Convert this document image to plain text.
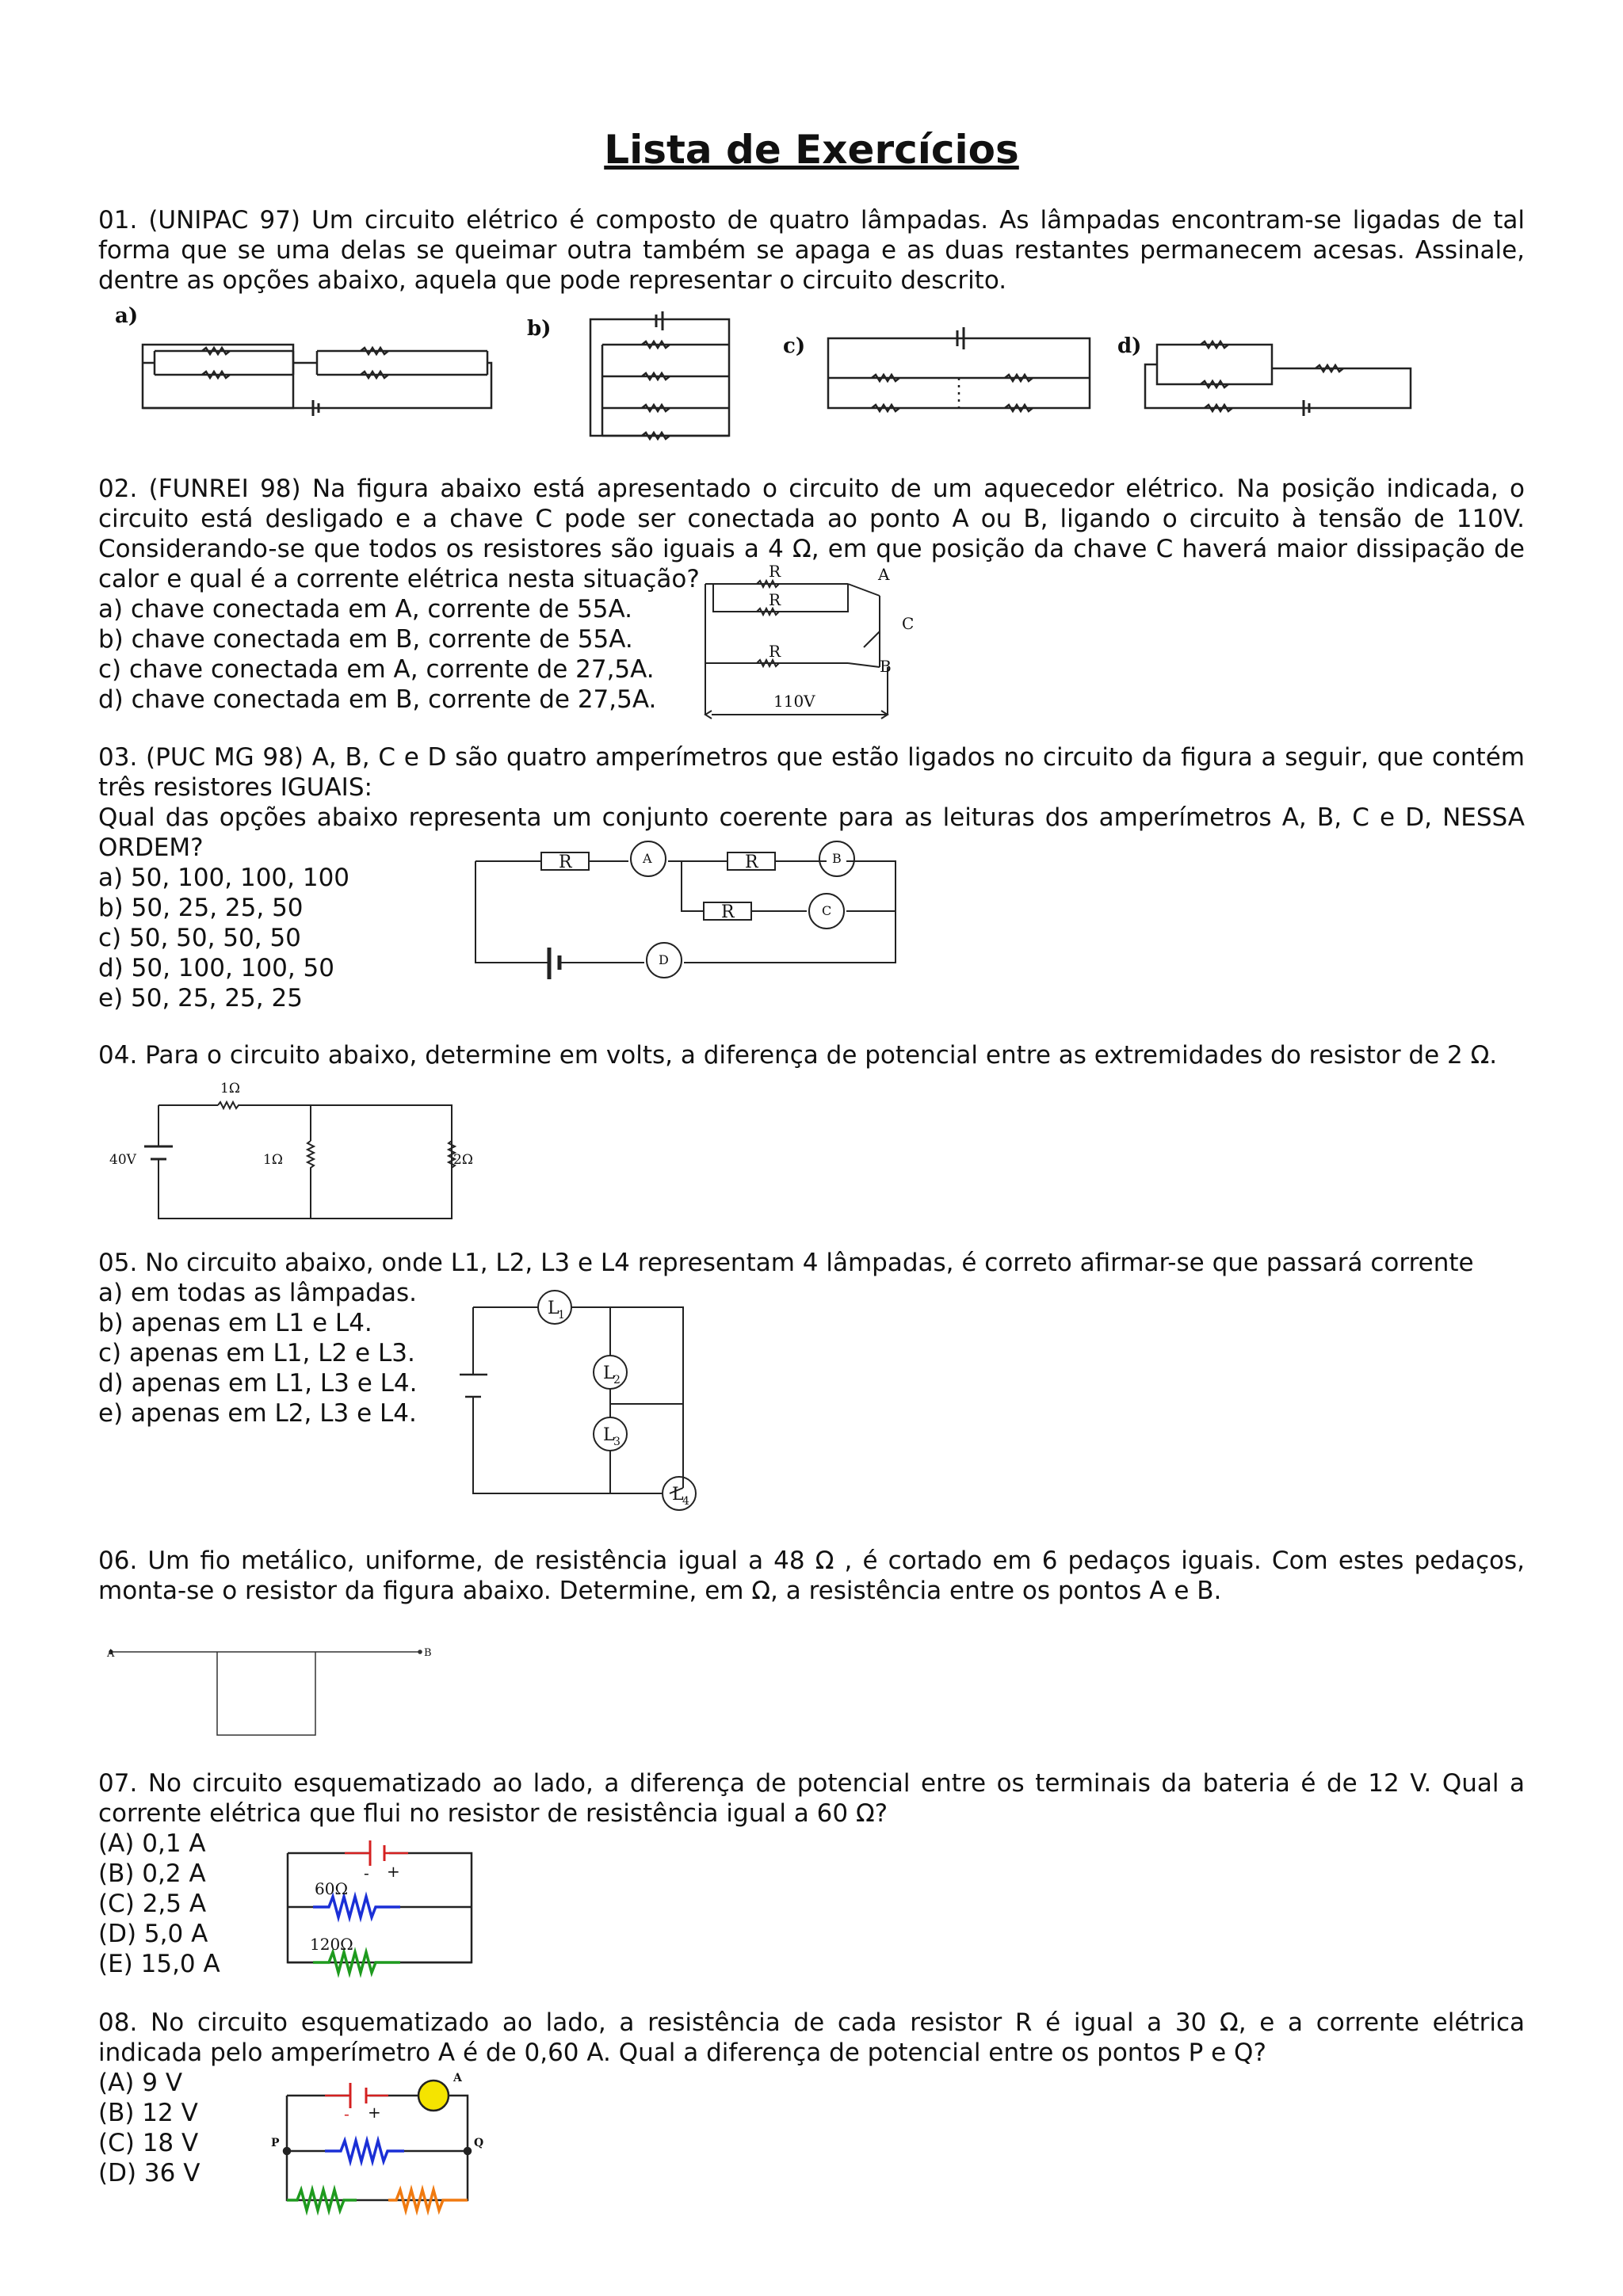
Lista de Exercícios
01. (UNIPAC 97) Um circuito elétrico é composto de quatro lâmpadas. As lâmpadas encontram-se ligadas de tal
forma que se uma delas se queimar outra também se apaga e as duas restantes permanecem acesas. Assinale,
dentre as opções abaixo, aquela que pode representar o circuito descrito.
a)
b)
c)	d)
02. (FUNREI 98) Na figura abaixo está apresentado o circuito de um aquecedor elétrico. Na posição indicada, o
circuito está desligado e a chave C pode ser conectada ao ponto A ou B, ligando o circuito à tensão de 110V.
Considerando-se que todos os resistores são iguais a 4 Ω, em que posição da chave C haverá maior dissipação de
calor e qual é a corrente elétrica nesta situação?
a) chave conectada em A, corrente de 55A.
b) chave conectada em B, corrente de 55A.
c) chave conectada em A, corrente de 27,5A.
d) chave conectada em B, corrente de 27,5A.
R
R
R
A
C
B
110V
03. (PUC MG 98) A, B, C e D são quatro amperímetros que estão ligados no circuito da figura a seguir, que contém
três resistores IGUAIS:
Qual das opções abaixo representa um conjunto coerente para as leituras dos amperímetros A, B, C e D, NESSA
ORDEM?
a) 50, 100, 100, 100
b) 50, 25, 25, 50
c) 50, 50, 50, 50
d) 50, 100, 100, 50
e) 50, 25, 25, 25
R	R
R
A	B
C
D
04. Para o circuito abaixo, determine em volts, a diferença de potencial entre as extremidades do resistor de 2 Ω.
1Ω
40V	1Ω	2Ω
05. No circuito abaixo, onde L1, L2, L3 e L4 representam 4 lâmpadas, é correto afirmar-se que passará corrente
a) em todas as lâmpadas.
b) apenas em L1 e L4.
c) apenas em L1, L2 e L3.
d) apenas em L1, L3 e L4.
e) apenas em L2, L3 e L4.
L
1
L
2
L
3
L
4
06. Um fio metálico, uniforme, de resistência igual a 48 Ω , é cortado em 6 pedaços iguais. Com estes pedaços,
monta-se o resistor da figura abaixo. Determine, em Ω, a resistência entre os pontos A e B.
A	B
07. No circuito esquematizado ao lado, a diferença de potencial entre os terminais da bateria é de 12 V. Qual a
corrente elétrica que flui no resistor de resistência igual a 60 Ω?
(A) 0,1 A
(B) 0,2 A
(C) 2,5 A
(D) 5,0 A
(E) 15,0 A
- +
60Ω
120Ω
08. No circuito esquematizado ao lado, a resistência de cada resistor R é igual a 30 Ω, e a corrente elétrica
indicada pelo amperímetro A é de 0,60 A. Qual a diferença de potencial entre os pontos P e Q?
(A) 9 V
(B) 12 V
(C) 18 V
(D) 36 V
- +
A
P	Q
